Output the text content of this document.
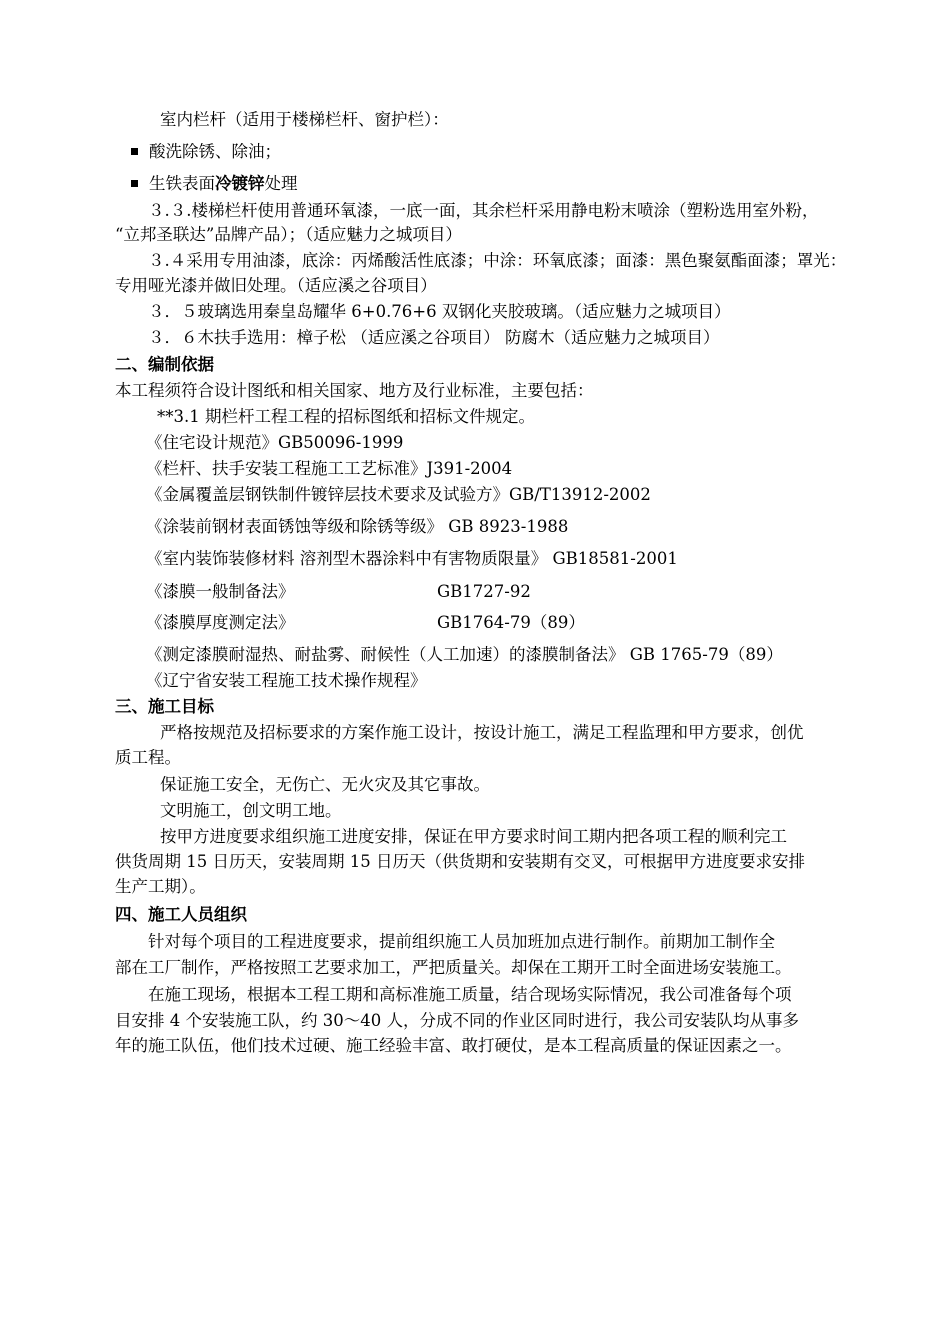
室内栏杆（适用于楼梯栏杆、窗护栏）：
酸洗除锈、除油；
生铁表面冷镀锌处理
３.３.楼梯栏杆使用普通环氧漆，一底一面，其余栏杆采用静电粉末喷涂（塑粉选用室外粉，
“立邦圣联达”品牌产品）；（适应魅力之城项目）
３.４采用专用油漆，底涂：丙烯酸活性底漆；中涂：环氧底漆；面漆：黑色聚氨酯面漆；罩光：
专用哑光漆并做旧处理。（适应溪之谷项目）
３．５玻璃选用秦皇岛耀华 6+0.76+6 双钢化夹胶玻璃。（适应魅力之城项目）
３．６木扶手选用：樟子松 （适应溪之谷项目） 防腐木（适应魅力之城项目）
二、编制依据
本工程须符合设计图纸和相关国家、地方及行业标准，主要包括：
**3.1 期栏杆工程工程的招标图纸和招标文件规定。
《住宅设计规范》GB50096-1999
《栏杆、扶手安装工程施工工艺标准》J391-2004
《金属覆盖层钢铁制件镀锌层技术要求及试验方》GB/T13912-2002
《涂装前钢材表面锈蚀等级和除锈等级》 GB 8923-1988
《室内装饰装修材料 溶剂型木器涂料中有害物质限量》 GB18581-2001
《漆膜一般制备法》	GB1727-92
《漆膜厚度测定法》	GB1764-79（89）
《测定漆膜耐湿热、耐盐雾、耐候性（人工加速）的漆膜制备法》 GB 1765-79（89）
《辽宁省安装工程施工技术操作规程》
三、施工目标
严格按规范及招标要求的方案作施工设计，按设计施工，满足工程监理和甲方要求，创优
质工程。
保证施工安全，无伤亡、无火灾及其它事故。
文明施工，创文明工地。
按甲方进度要求组织施工进度安排，保证在甲方要求时间工期内把各项工程的顺利完工
供货周期 15 日历天，安装周期 15 日历天（供货期和安装期有交叉，可根据甲方进度要求安排
生产工期）。
四、施工人员组织
针对每个项目的工程进度要求，提前组织施工人员加班加点进行制作。前期加工制作全
部在工厂制作，严格按照工艺要求加工，严把质量关。却保在工期开工时全面进场安装施工。
在施工现场，根据本工程工期和高标准施工质量，结合现场实际情况，我公司准备每个项
目安排 4 个安装施工队，约 30～40 人，分成不同的作业区同时进行，我公司安装队均从事多
年的施工队伍，他们技术过硬、施工经验丰富、敢打硬仗，是本工程高质量的保证因素之一。
